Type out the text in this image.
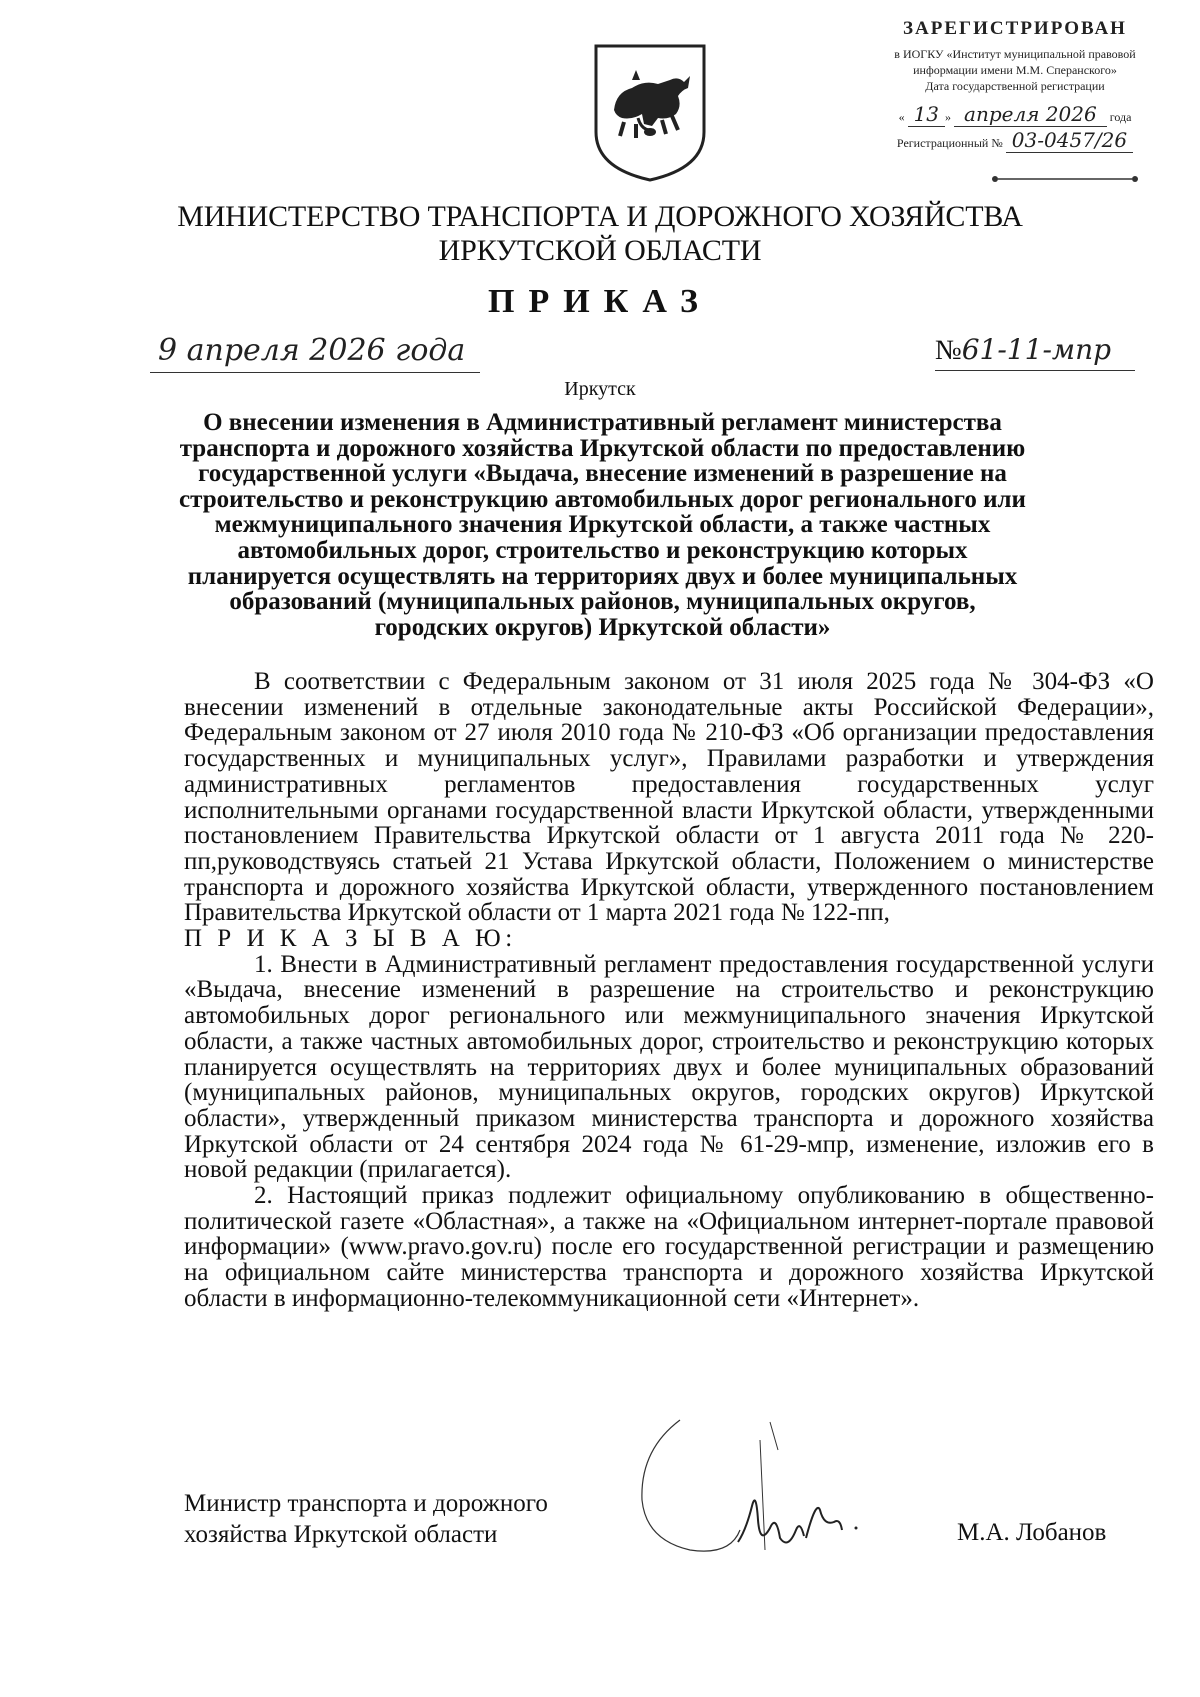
ЗАРЕГИСТРИРОВАН
в ИОГКУ «Институт муниципальной правовой
информации имени М.М. Сперанского»
Дата государственной регистрации
« 13 » апреля 2026 года
Регистрационный № 03-0457/26
МИНИСТЕРСТВО ТРАНСПОРТА И ДОРОЖНОГО ХОЗЯЙСТВА
ИРКУТСКОЙ ОБЛАСТИ
ПРИКАЗ
9 апреля 2026 года	№61-11-мпр
Иркутск
О внесении изменения в Административный регламент министерства транспорта и дорожного хозяйства Иркутской области по предоставлению государственной услуги «Выдача, внесение изменений в разрешение на строительство и реконструкцию автомобильных дорог регионального или межмуниципального значения Иркутской области, а также частных автомобильных дорог, строительство и реконструкцию которых планируется осуществлять на территориях двух и более муниципальных образований (муниципальных районов, муниципальных округов, городских округов) Иркутской области»

В соответствии с Федеральным законом от 31 июля 2025 года № 304-ФЗ «О внесении изменений в отдельные законодательные акты Российской Федерации», Федеральным законом от 27 июля 2010 года № 210-ФЗ «Об организации предоставления государственных и муниципальных услуг», Правилами разработки и утверждения административных регламентов предоставления государственных услуг исполнительными органами государственной власти Иркутской области, утвержденными постановлением Правительства Иркутской области от 1 августа 2011 года № 220-пп,руководствуясь статьей 21 Устава Иркутской области, Положением о министерстве транспорта и дорожного хозяйства Иркутской области, утвержденного постановлением Правительства Иркутской области от 1 марта 2021 года № 122-пп,

П Р И К А З Ы В А Ю:

1. Внести в Административный регламент предоставления государственной услуги «Выдача, внесение изменений в разрешение на строительство и реконструкцию автомобильных дорог регионального или межмуниципального значения Иркутской области, а также частных автомобильных дорог, строительство и реконструкцию которых планируется осуществлять на территориях двух и более муниципальных образований (муниципальных районов, муниципальных округов, городских округов) Иркутской области», утвержденный приказом министерства транспорта и дорожного хозяйства Иркутской области от 24 сентября 2024 года № 61-29-мпр, изменение, изложив его в новой редакции (прилагается).

2. Настоящий приказ подлежит официальному опубликованию в общественно-политической газете «Областная», а также на «Официальном интернет-портале правовой информации» (www.pravo.gov.ru) после его государственной регистрации и размещению на официальном сайте министерства транспорта и дорожного хозяйства Иркутской области в информационно-телекоммуникационной сети «Интернет».

Министр транспорта и дорожного
хозяйства Иркутской области	М.А. Лобанов
